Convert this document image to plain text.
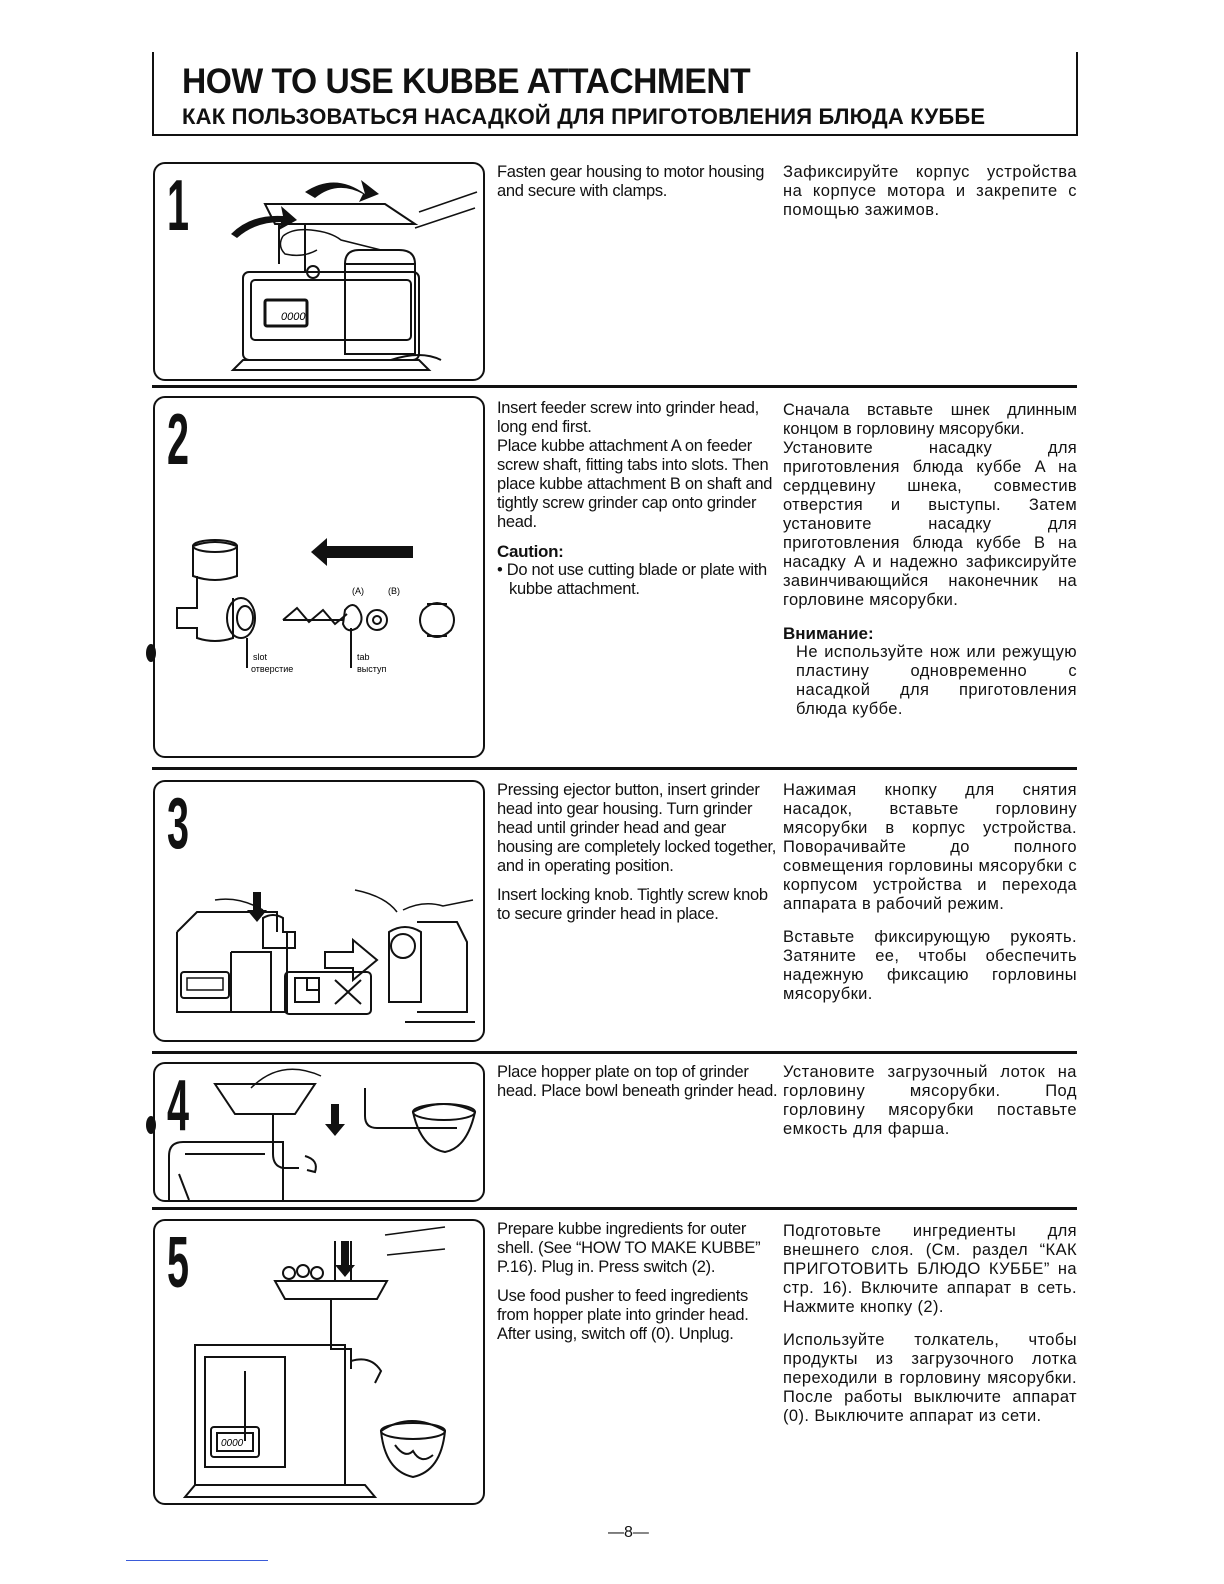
HOW TO USE KUBBE ATTACHMENT
КАК ПОЛЬЗОВАТЬСЯ НАСАДКОЙ ДЛЯ ПРИГОТОВЛЕНИЯ БЛЮДА КУББЕ
1
0000

Fasten gear housing to motor housing and secure with clamps.

Зафиксируйте корпус устройства на корпусе мотора и закрепите с помощью зажимов.

2
(A)	(B)
slot
отверстие
tab
выступ

Insert feeder screw into grinder head, long end first.

Place kubbe attachment A on feeder screw shaft, fitting tabs into slots. Then place kubbe attachment B on shaft and tightly screw grinder cap onto grinder head.

Caution:
• Do not use cutting blade or plate with kubbe attachment.

Сначала вставьте шнек длинным концом в горловину мясорубки.

Установите насадку для приготовления блюда куббе A на сердцевину шнека, совместив отверстия и выступы. Затем установите насадку для приготовления блюда куббе B на насадку A и надежно зафиксируйте завинчивающийся наконечник на горловине мясорубки.

Внимание:
Не используйте нож или режущую пластину одновременно с насадкой для приготовления блюда куббе.
3	Pressing ejector button, insert grinder head into gear housing. Turn grinder head until grinder head and gear housing are completely locked together, and in operating position.

Insert locking knob. Tightly screw knob to secure grinder head in place.

Нажимая кнопку для снятия насадок, вставьте горловину мясорубки в корпус устройства. Поворачивайте до полного совмещения горловины мясорубки с корпусом устройства и перехода аппарата в рабочий режим.

Вставьте фиксирующую рукоять. Затяните ее, чтобы обеспечить надежную фиксацию горловины мясорубки.

4	Place hopper plate on top of grinder head. Place bowl beneath grinder head.

Установите загрузочный лоток на горловину мясорубки. Под горловину мясорубки поставьте емкость для фарша.

5
0000

Prepare kubbe ingredients for outer shell. (See “HOW TO MAKE KUBBE” P.16). Plug in. Press switch (2).

Use food pusher to feed ingredients from hopper plate into grinder head. After using, switch off (0). Unplug.

Подготовьте ингредиенты для внешнего слоя. (См. раздел “КАК ПРИГОТОВИТЬ БЛЮДО КУББЕ” на стр. 16). Включите аппарат в сеть. Нажмите кнопку (2).

Используйте толкатель, чтобы продукты из загрузочного лотка переходили в горловину мясорубки. После работы выключите аппарат (0). Выключите аппарат из сети.

—8—
